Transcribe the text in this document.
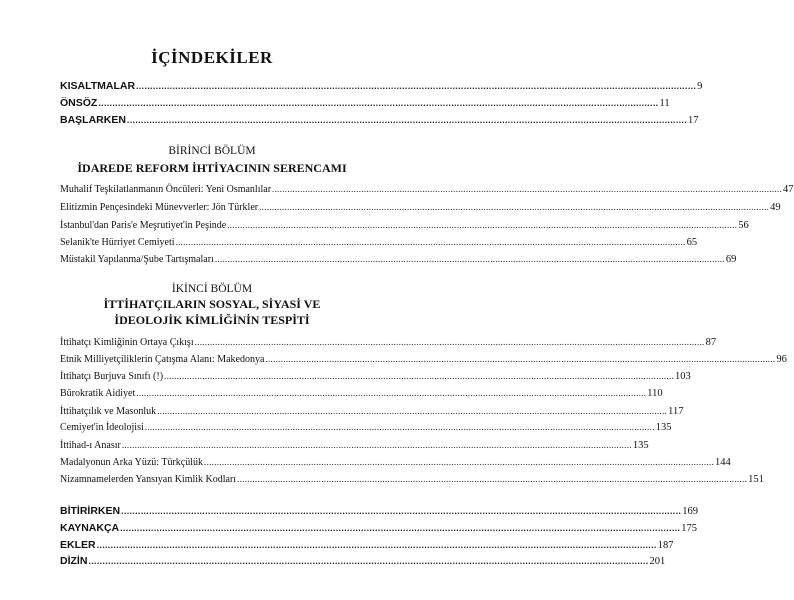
İÇİNDEKİLER
KISALTMALAR ........................................................................................................................................................................................................ 9
ÖNSÖZ ........................................................................................................................................................................................................ 11
BAŞLARKEN ........................................................................................................................................................................................................ 17
BİRİNCİ BÖLÜM
İDAREDE REFORM İHTİYACININ SERENCAMI
Muhalif Teşkilatlanmanın Öncüleri: Yeni Osmanlılar ........................................................................................................................................................................................................ 47
Elitizmin Pençesindeki Münevverler: Jön Türkler ........................................................................................................................................................................................................ 49
İstanbul'dan Paris'e Meşrutiyet'in Peşinde ........................................................................................................................................................................................................ 56
Selanik'te Hürriyet Cemiyeti ........................................................................................................................................................................................................ 65
Müstakil Yapılanma/Şube Tartışmaları ........................................................................................................................................................................................................ 69
İKİNCİ BÖLÜM
İTTİHATÇILARIN SOSYAL, SİYASİ VE
İDEOLOJİK KİMLİĞİNİN TESPİTİ
İttihatçı Kimliğinin Ortaya Çıkışı ........................................................................................................................................................................................................ 87
Etnik Milliyetçiliklerin Çatışma Alanı: Makedonya ........................................................................................................................................................................................................ 96
İttihatçı Burjuva Sınıfı (!) ........................................................................................................................................................................................................ 103
Bürokratik Aidiyet ........................................................................................................................................................................................................ 110
İttihatçılık ve Masonluk ........................................................................................................................................................................................................ 117
Cemiyet'in İdeolojisi ........................................................................................................................................................................................................ 135
İttihad-ı Anasır ........................................................................................................................................................................................................ 135
Madalyonun Arka Yüzü: Türkçülük ........................................................................................................................................................................................................ 144
Nizamnamelerden Yansıyan Kimlik Kodları ........................................................................................................................................................................................................ 151
BİTİRİRKEN ........................................................................................................................................................................................................ 169
KAYNAKÇA ........................................................................................................................................................................................................ 175
EKLER ........................................................................................................................................................................................................ 187
DİZİN ........................................................................................................................................................................................................ 201
